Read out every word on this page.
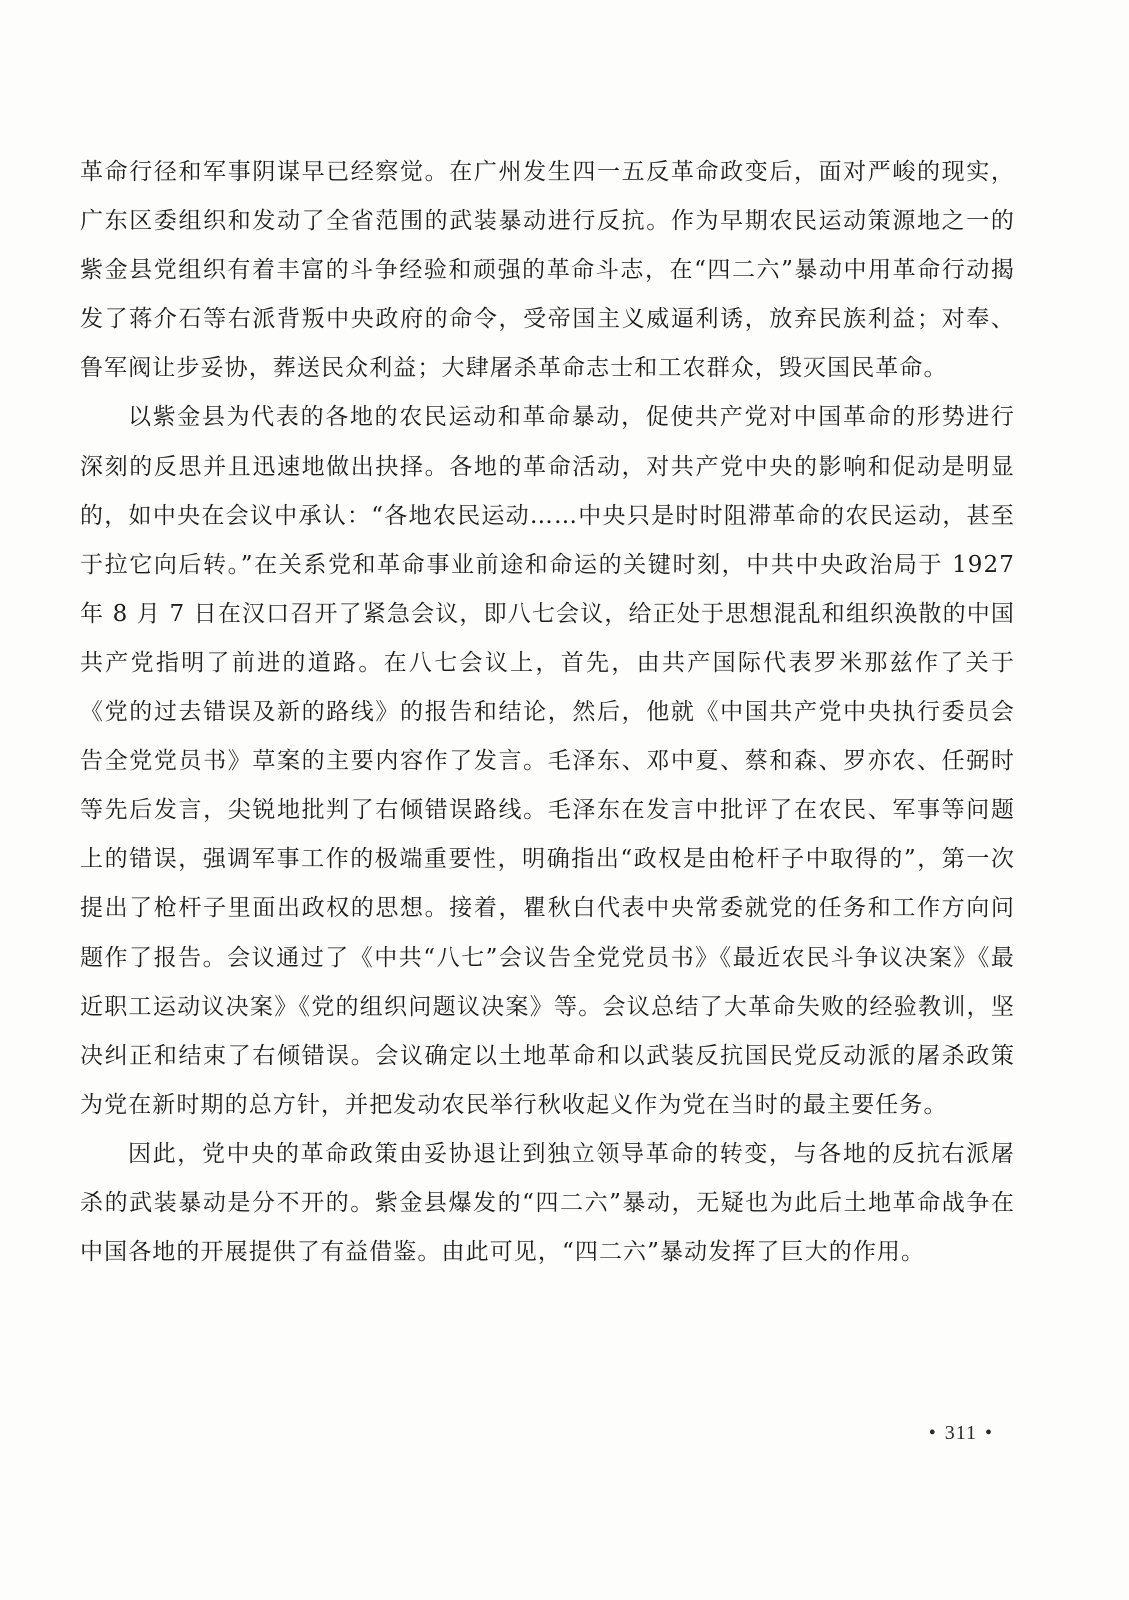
革命行径和军事阴谋早已经察觉。在广州发生四一五反革命政变后，面对严峻的现实，广东区委组织和发动了全省范围的武装暴动进行反抗。作为早期农民运动策源地之一的紫金县党组织有着丰富的斗争经验和顽强的革命斗志，在“四二六”暴动中用革命行动揭发了蒋介石等右派背叛中央政府的命令，受帝国主义威逼利诱，放弃民族利益；对奉、鲁军阀让步妥协，葬送民众利益；大肆屠杀革命志士和工农群众，毁灭国民革命。

以紫金县为代表的各地的农民运动和革命暴动，促使共产党对中国革命的形势进行深刻的反思并且迅速地做出抉择。各地的革命活动，对共产党中央的影响和促动是明显的，如中央在会议中承认：“各地农民运动……中央只是时时阻滞革命的农民运动，甚至于拉它向后转。”在关系党和革命事业前途和命运的关键时刻，中共中央政治局于 1927 年 8 月 7 日在汉口召开了紧急会议，即八七会议，给正处于思想混乱和组织涣散的中国共产党指明了前进的道路。在八七会议上，首先，由共产国际代表罗米那兹作了关于《党的过去错误及新的路线》的报告和结论，然后，他就《中国共产党中央执行委员会告全党党员书》草案的主要内容作了发言。毛泽东、邓中夏、蔡和森、罗亦农、任弼时等先后发言，尖锐地批判了右倾错误路线。毛泽东在发言中批评了在农民、军事等问题上的错误，强调军事工作的极端重要性，明确指出“政权是由枪杆子中取得的”，第一次提出了枪杆子里面出政权的思想。接着，瞿秋白代表中央常委就党的任务和工作方向问题作了报告。会议通过了《中共“八七”会议告全党党员书》《最近农民斗争议决案》《最近职工运动议决案》《党的组织问题议决案》等。会议总结了大革命失败的经验教训，坚决纠正和结束了右倾错误。会议确定以土地革命和以武装反抗国民党反动派的屠杀政策为党在新时期的总方针，并把发动农民举行秋收起义作为党在当时的最主要任务。

因此，党中央的革命政策由妥协退让到独立领导革命的转变，与各地的反抗右派屠杀的武装暴动是分不开的。紫金县爆发的“四二六”暴动，无疑也为此后土地革命战争在中国各地的开展提供了有益借鉴。由此可见，“四二六”暴动发挥了巨大的作用。

• 311 •
